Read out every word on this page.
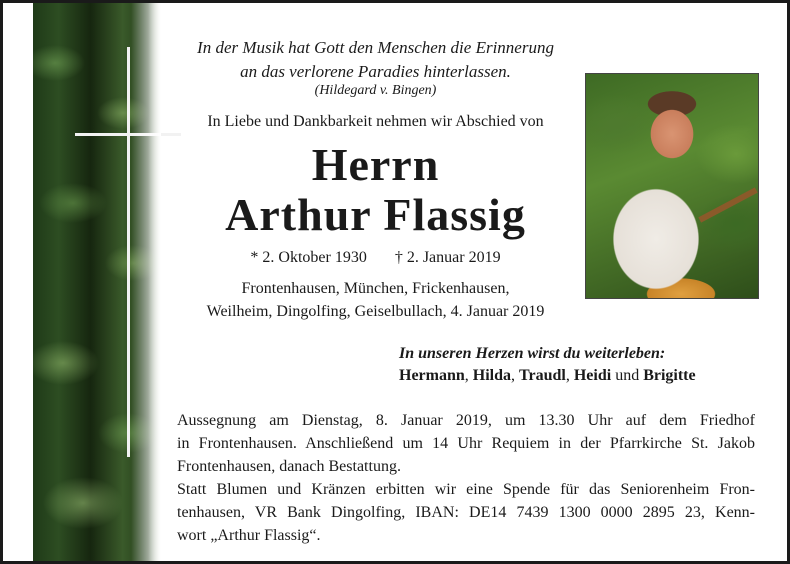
In der Musik hat Gott den Menschen die Erinnerung
an das verlorene Paradies hinterlassen.
(Hildegard v. Bingen)
In Liebe und Dankbarkeit nehmen wir Abschied von
Herrn
Arthur Flassig
* 2. Oktober 1930 † 2. Januar 2019
Frontenhausen, München, Frickenhausen,
Weilheim, Dingolfing, Geiselbullach, 4. Januar 2019
In unseren Herzen wirst du weiterleben:
Hermann, Hilda, Traudl, Heidi und Brigitte
Aussegnung am Dienstag, 8. Januar 2019, um 13.30 Uhr auf dem Friedhof
in Frontenhausen. Anschließend um 14 Uhr Requiem in der Pfarrkirche St. Jakob
Frontenhausen, danach Bestattung.
Statt Blumen und Kränzen erbitten wir eine Spende für das Seniorenheim Fron-
tenhausen, VR Bank Dingolfing, IBAN: DE14 7439 1300 0000 2895 23, Kenn-
wort „Arthur Flassig“.
